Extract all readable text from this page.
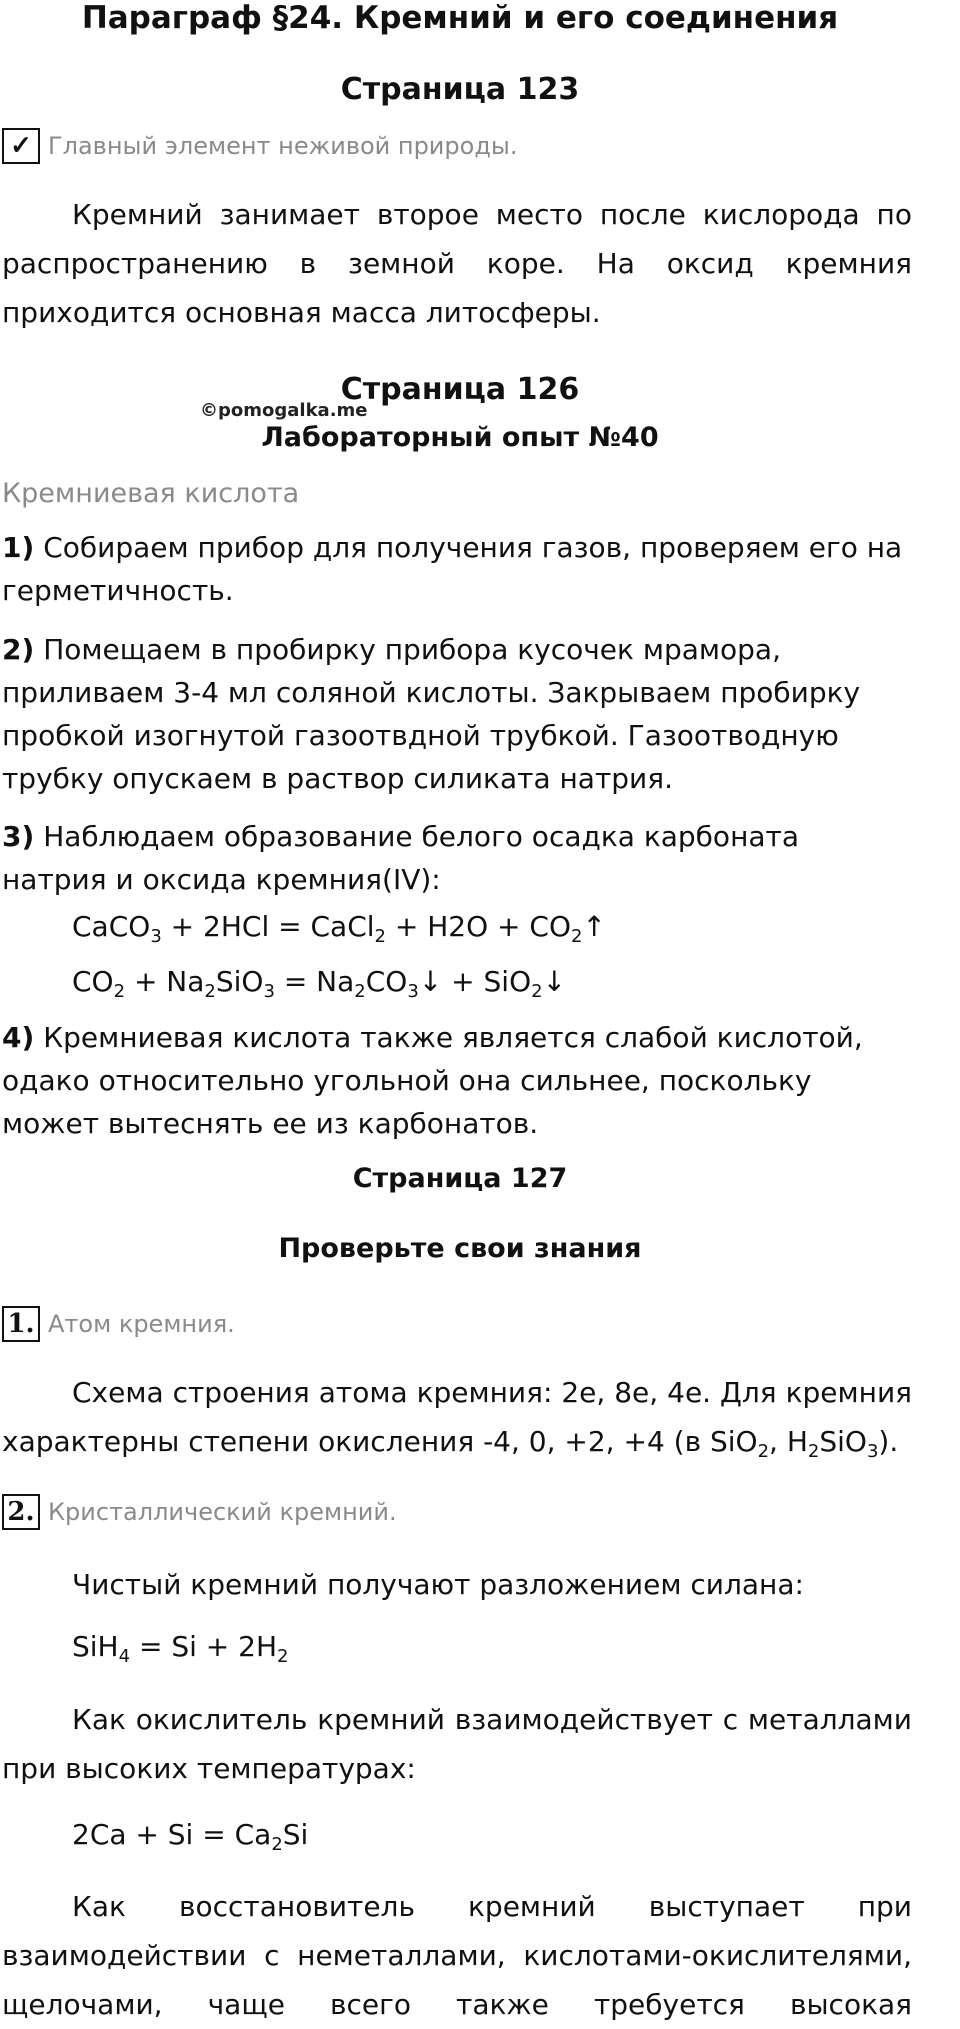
Параграф §24. Кремний и его соединения
Страница 123
✓ Главный элемент неживой природы.
Кремний занимает второе место после кислорода по распространению в земной коре. На оксид кремния приходится основная масса литосферы.
Страница 126
©pomogalka.me
Лабораторный опыт №40
Кремниевая кислота
1) Собираем прибор для получения газов, проверяем его на герметичность.
2) Помещаем в пробирку прибора кусочек мрамора, приливаем 3-4 мл соляной кислоты. Закрываем пробирку пробкой изогнутой газоотвдной трубкой. Газоотводную трубку опускаем в раствор силиката натрия.
3) Наблюдаем образование белого осадка карбоната натрия и оксида кремния(IV):
CaCO$_3$ + 2HCl = CaCl$_2$ + $H2O + CO_2↑$
$CO_2 + Na_2SiO_3$ = $Na_2CO_3↓$ + SiO$_2$↓
4) Кремниевая кислота также является слабой кислотой, одако относительно угольной она сильнее, поскольку может вытеснять ее из карбонатов.
Страница 127
Проверьте свои знания
1. Атом кремния.
Схема строения атома кремния: 2е, 8е, 4е. Для кремния характерны степени окисления -4, 0, +2, +4 (в SiO$_2$, $H_2SiO_3$).
2. Кристаллический кремний.
Чистый кремний получают разложением силана:
$SiH_4 = Si + 2H_2$
Как окислитель кремний взаимодействует с металлами при высоких температурах:
$2Ca + Si = Ca_2Si$
Как восстановитель кремний выступает при взаимодействии с неметаллами, кислотами-окислителями, щелочами, чаще всего также требуется высокая
